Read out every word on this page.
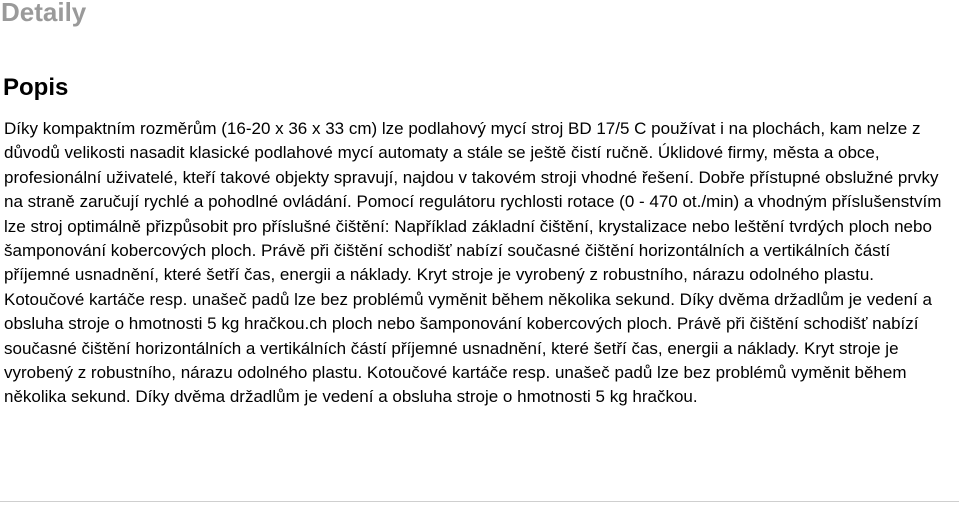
Detaily
Popis

Díky kompaktním rozměrům (16-20 x 36 x 33 cm) lze podlahový mycí stroj BD 17/5 C používat i na plochách, kam nelze z důvodů velikosti nasadit klasické podlahové mycí automaty a stále se ještě čistí ručně. Úklidové firmy, města a obce, profesionální uživatelé, kteří takové objekty spravují, najdou v takovém stroji vhodné řešení. Dobře přístupné obslužné prvky na straně zaručují rychlé a pohodlné ovládání. Pomocí regulátoru rychlosti rotace (0 - 470 ot./min) a vhodným příslušenstvím lze stroj optimálně přizpůsobit pro příslušné čištění: Například základní čištění, krystalizace nebo leštění tvrdých ploch nebo šamponování kobercových ploch. Právě při čištění schodišť nabízí současné čištění horizontálních a vertikálních částí příjemné usnadnění, které šetří čas, energii a náklady. Kryt stroje je vyrobený z robustního, nárazu odolného plastu. Kotoučové kartáče resp. unašeč padů lze bez problémů vyměnit během několika sekund. Díky dvěma držadlům je vedení a obsluha stroje o hmotnosti 5 kg hračkou.ch ploch nebo šamponování kobercových ploch. Právě při čištění schodišť nabízí současné čištění horizontálních a vertikálních částí příjemné usnadnění, které šetří čas, energii a náklady. Kryt stroje je vyrobený z robustního, nárazu odolného plastu. Kotoučové kartáče resp. unašeč padů lze bez problémů vyměnit během několika sekund. Díky dvěma držadlům je vedení a obsluha stroje o hmotnosti 5 kg hračkou.
